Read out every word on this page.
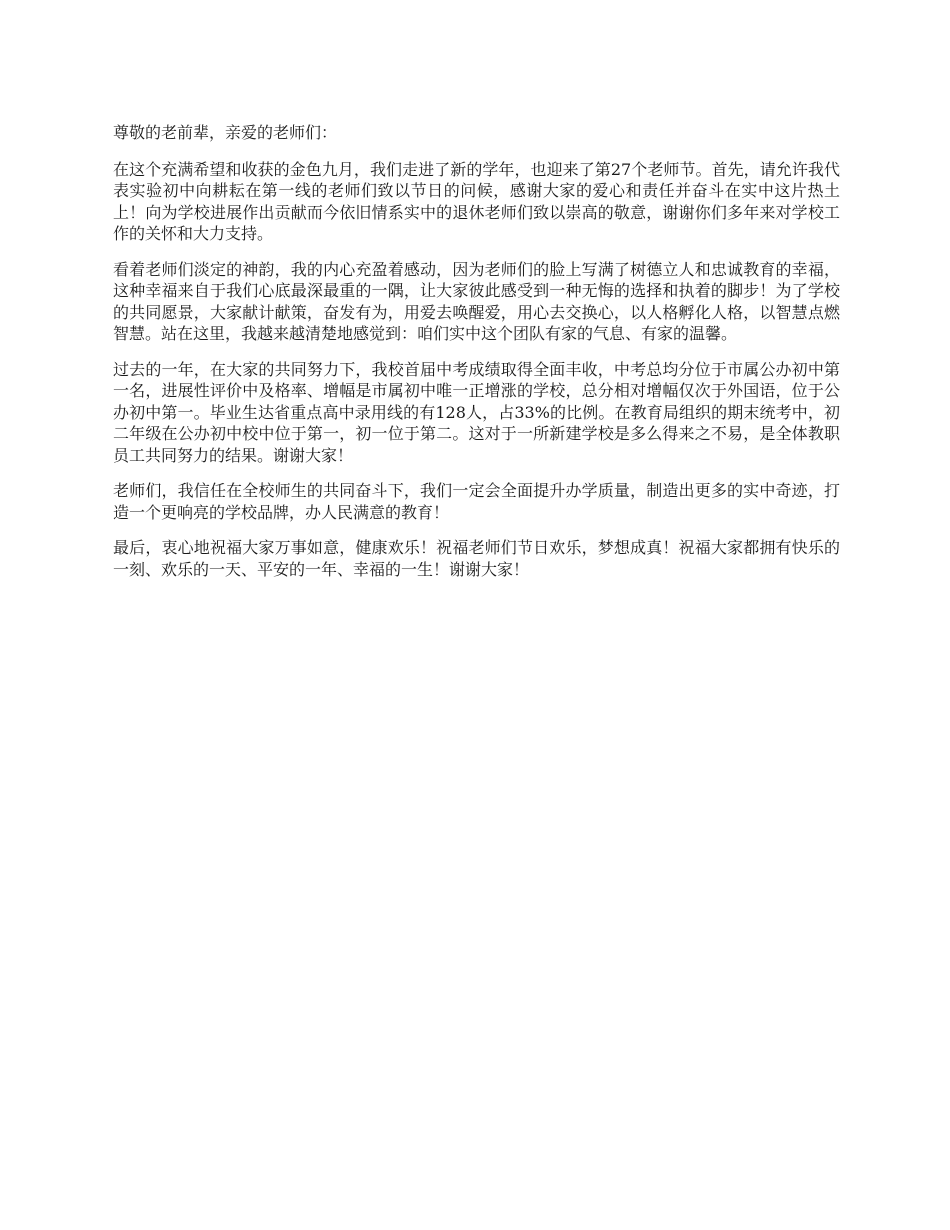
尊敬的老前辈，亲爱的老师们：

在这个充满希望和收获的金色九月，我们走进了新的学年，也迎来了第27个老师节。首先，请允许我代表实验初中向耕耘在第一线的老师们致以节日的问候，感谢大家的爱心和责任并奋斗在实中这片热土上！向为学校进展作出贡献而今依旧情系实中的退休老师们致以崇高的敬意，谢谢你们多年来对学校工作的关怀和大力支持。

看着老师们淡定的神韵，我的内心充盈着感动，因为老师们的脸上写满了树德立人和忠诚教育的幸福，这种幸福来自于我们心底最深最重的一隅，让大家彼此感受到一种无悔的选择和执着的脚步！为了学校的共同愿景，大家献计献策，奋发有为，用爱去唤醒爱，用心去交换心，以人格孵化人格，以智慧点燃智慧。站在这里，我越来越清楚地感觉到：咱们实中这个团队有家的气息、有家的温馨。

过去的一年，在大家的共同努力下，我校首届中考成绩取得全面丰收，中考总均分位于市属公办初中第一名，进展性评价中及格率、增幅是市属初中唯一正增涨的学校，总分相对增幅仅次于外国语，位于公办初中第一。毕业生达省重点高中录用线的有128人，占33%的比例。在教育局组织的期末统考中，初二年级在公办初中校中位于第一，初一位于第二。这对于一所新建学校是多么得来之不易，是全体教职员工共同努力的结果。谢谢大家！

老师们，我信任在全校师生的共同奋斗下，我们一定会全面提升办学质量，制造出更多的实中奇迹，打造一个更响亮的学校品牌，办人民满意的教育！

最后，衷心地祝福大家万事如意，健康欢乐！祝福老师们节日欢乐，梦想成真！祝福大家都拥有快乐的一刻、欢乐的一天、平安的一年、幸福的一生！谢谢大家！
